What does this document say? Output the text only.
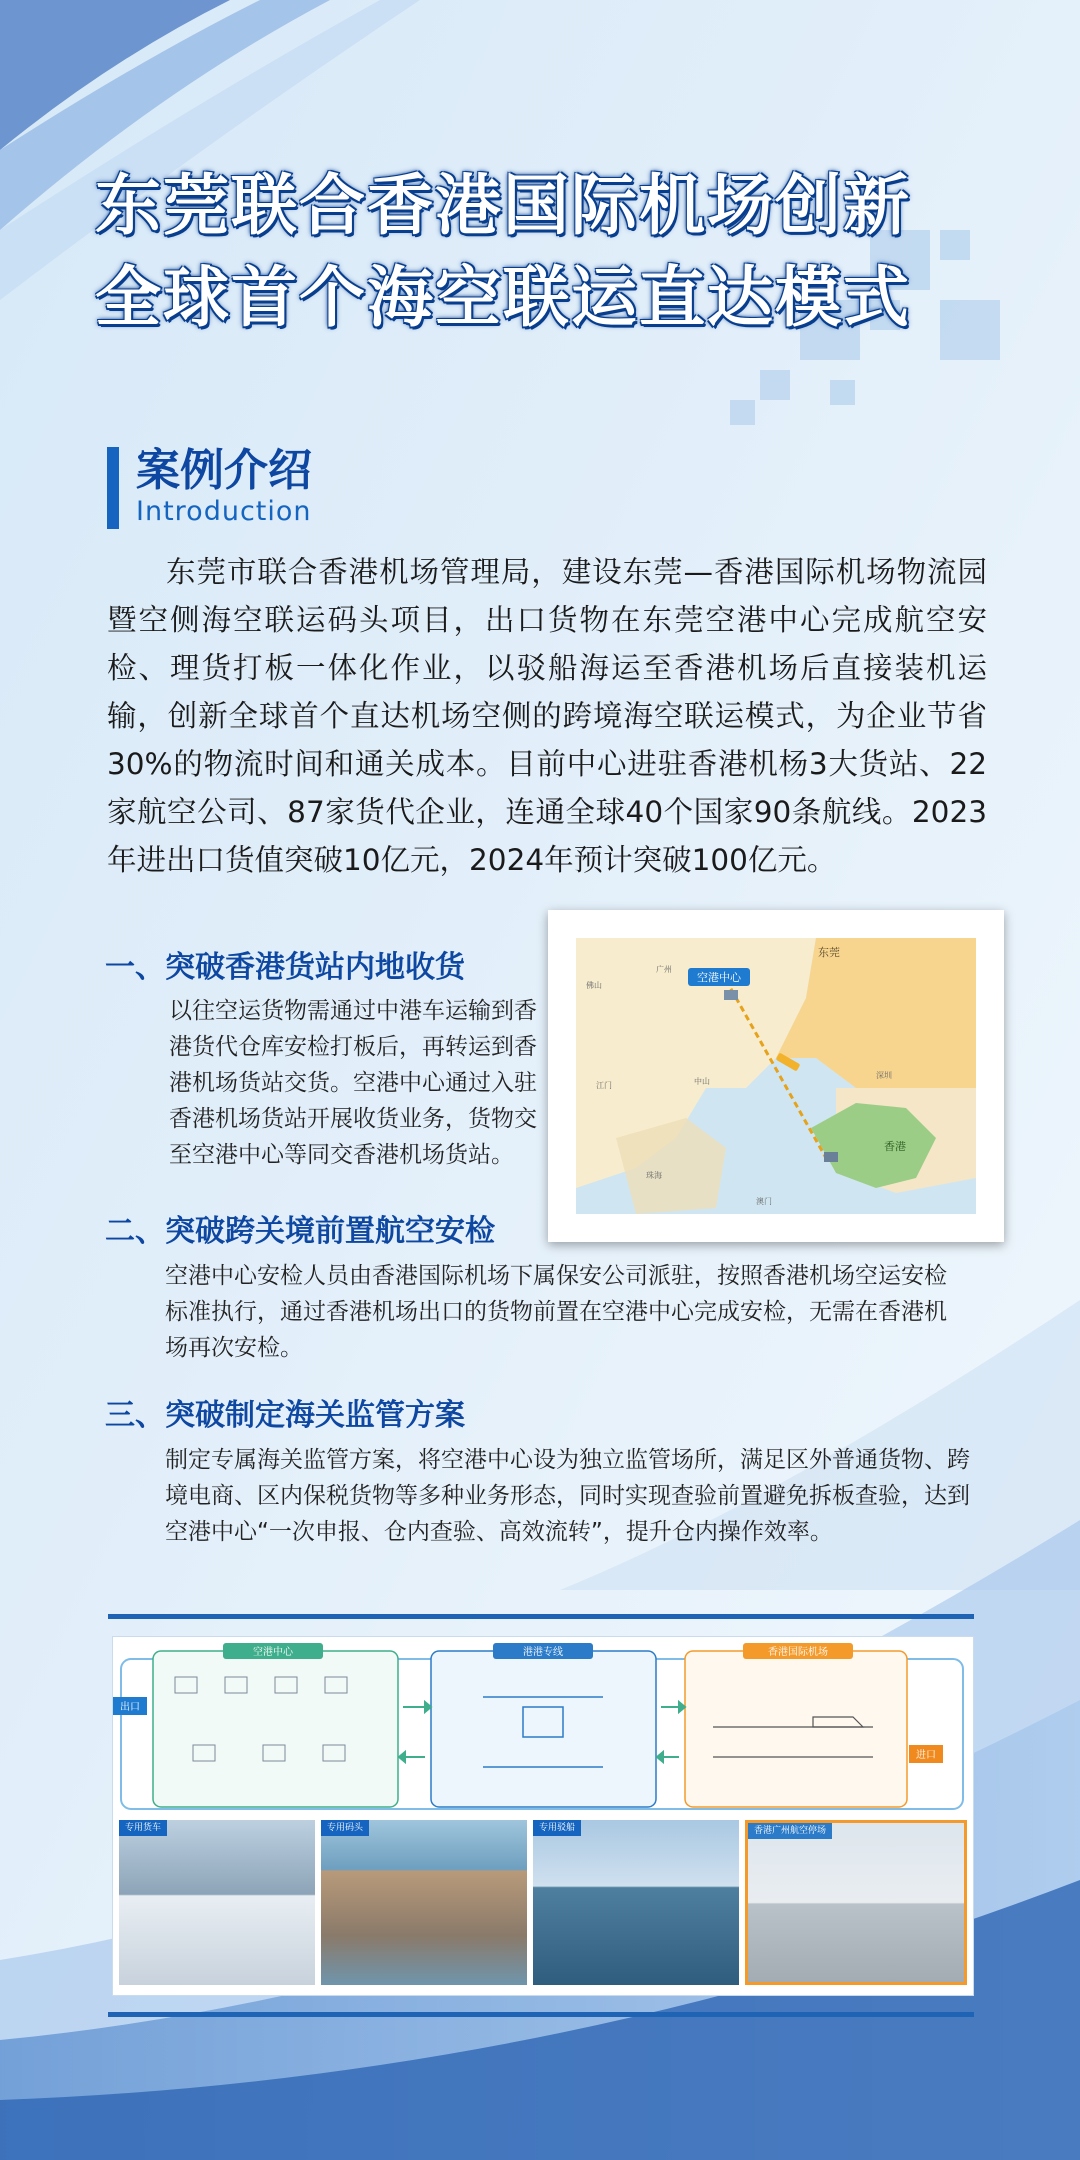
东莞联合香港国际机场创新
全球首个海空联运直达模式
案例介绍
Introduction

东莞市联合香港机场管理局，建设东莞—香港国际机场物流园暨空侧海空联运码头项目，出口货物在东莞空港中心完成航空安检、理货打板一体化作业，以驳船海运至香港机场后直接装机运输，创新全球首个直达机场空侧的跨境海空联运模式，为企业节省30%的物流时间和通关成本。目前中心进驻香港机杨3大货站、22家航空公司、87家货代企业，连通全球40个国家90条航线。2023年进出口货值突破10亿元，2024年预计突破100亿元。

一、突破香港货站内地收货

以往空运货物需通过中港车运输到香港货代仓库安检打板后，再转运到香港机场货站交货。空港中心通过入驻香港机场货站开展收货业务，货物交至空港中心等同交香港机场货站。

空港中心
东莞
广州
佛山
深圳
香港
江门	中山
珠海
澳门
二、突破跨关境前置航空安检

空港中心安检人员由香港国际机场下属保安公司派驻，按照香港机场空运安检标准执行，通过香港机场出口的货物前置在空港中心完成安检，无需在香港机场再次安检。

三、突破制定海关监管方案

制定专属海关监管方案，将空港中心设为独立监管场所，满足区外普通货物、跨境电商、区内保税货物等多种业务形态，同时实现查验前置避免拆板查验，达到空港中心“一次申报、仓内查验、高效流转”，提升仓内操作效率。

出口
进口
空港中心	港港专线	香港国际机场
专用货车	专用码头	专用驳船	香港广州航空停场
